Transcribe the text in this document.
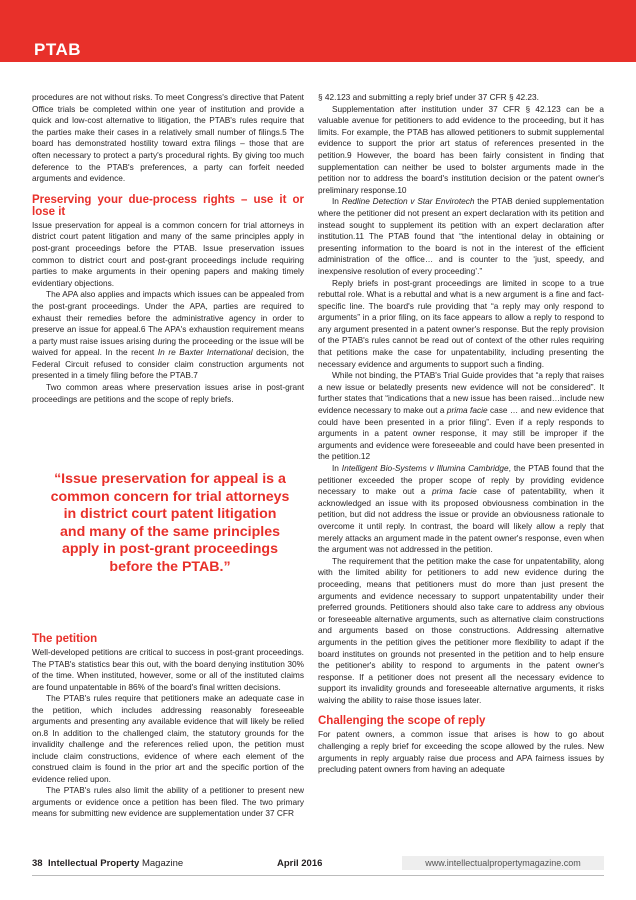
PTAB

procedures are not without risks. To meet Congress's directive that Patent Office trials be completed within one year of institution and provide a quick and low-cost alternative to litigation, the PTAB's rules require that the parties make their cases in a relatively small number of filings.5 The board has demonstrated hostility toward extra filings – those that are often necessary to protect a party's procedural rights. By giving too much deference to the PTAB's preferences, a party can forfeit needed arguments and evidence.

Preserving your due-process rights – use it or lose it

Issue preservation for appeal is a common concern for trial attorneys in district court patent litigation and many of the same principles apply in post-grant proceedings before the PTAB. Issue preservation issues common to district court and post-grant proceedings include requiring parties to make arguments in their opening papers and making timely evidentiary objections.

The APA also applies and impacts which issues can be appealed from the post-grant proceedings. Under the APA, parties are required to exhaust their remedies before the administrative agency in order to preserve an issue for appeal.6 The APA's exhaustion requirement means a party must raise issues arising during the proceeding or the issue will be waived for appeal. In the recent In re Baxter International decision, the Federal Circuit refused to consider claim construction arguments not presented in a timely filing before the PTAB.7

Two common areas where preservation issues arise in post-grant proceedings are petitions and the scope of reply briefs.

“Issue preservation for appeal is a common concern for trial attorneys in district court patent litigation and many of the same principles apply in post-grant proceedings before the PTAB.”
The petition

Well-developed petitions are critical to success in post-grant proceedings. The PTAB's statistics bear this out, with the board denying institution 30% of the time. When instituted, however, some or all of the instituted claims are found unpatentable in 86% of the board's final written decisions.

The PTAB's rules require that petitioners make an adequate case in the petition, which includes addressing reasonably foreseeable arguments and presenting any available evidence that will likely be relied on.8 In addition to the challenged claim, the statutory grounds for the invalidity challenge and the references relied upon, the petition must include claim constructions, evidence of where each element of the construed claim is found in the prior art and the specific portion of the evidence relied upon.

The PTAB's rules also limit the ability of a petitioner to present new arguments or evidence once a petition has been filed. The two primary means for submitting new evidence are supplementation under 37 CFR

§ 42.123 and submitting a reply brief under 37 CFR § 42.23.

Supplementation after institution under 37 CFR § 42.123 can be a valuable avenue for petitioners to add evidence to the proceeding, but it has limits. For example, the PTAB has allowed petitioners to submit supplemental evidence to support the prior art status of references presented in the petition.9 However, the board has been fairly consistent in finding that supplementation can neither be used to bolster arguments made in the petition nor to address the board's institution decision or the patent owner's preliminary response.10

In Redline Detection v Star Envirotech the PTAB denied supplementation where the petitioner did not present an expert declaration with its petition and instead sought to supplement its petition with an expert declaration after institution.11 The PTAB found that “the intentional delay in obtaining or presenting information to the board is not in the interest of the efficient administration of the office… and is counter to the ‘just, speedy, and inexpensive resolution of every proceeding’.”

Reply briefs in post-grant proceedings are limited in scope to a true rebuttal role. What is a rebuttal and what is a new argument is a fine and fact-specific line. The board's rule providing that “a reply may only respond to arguments” in a prior filing, on its face appears to allow a reply to respond to any argument presented in a patent owner's response. But the reply provision of the PTAB's rules cannot be read out of context of the other rules requiring that petitions make the case for unpatentability, including presenting the necessary evidence and arguments to support such a finding.

While not binding, the PTAB's Trial Guide provides that “a reply that raises a new issue or belatedly presents new evidence will not be considered”. It further states that “indications that a new issue has been raised…include new evidence necessary to make out a prima facie case … and new evidence that could have been presented in a prior filing”. Even if a reply responds to arguments in a patent owner response, it may still be improper if the arguments and evidence were foreseeable and could have been presented in the petition.12

In Intelligent Bio-Systems v Illumina Cambridge, the PTAB found that the petitioner exceeded the proper scope of reply by providing evidence necessary to make out a prima facie case of patentability, when it acknowledged an issue with its proposed obviousness combination in the petition, but did not address the issue or provide an obviousness rationale to overcome it until reply. In contrast, the board will likely allow a reply that merely attacks an argument made in the patent owner's response, even when the argument was not addressed in the petition.

The requirement that the petition make the case for unpatentability, along with the limited ability for petitioners to add new evidence during the proceeding, means that petitioners must do more than just present the arguments and evidence necessary to support unpatentability under their preferred grounds. Petitioners should also take care to address any obvious or foreseeable alternative arguments, such as alternative claim constructions and arguments based on those constructions. Addressing alternative arguments in the petition gives the petitioner more flexibility to adapt if the board institutes on grounds not presented in the petition and to help ensure the petitioner's ability to respond to arguments in the patent owner's response. If a petitioner does not present all the necessary evidence to support its invalidity grounds and foreseeable alternative arguments, it risks waiving the ability to raise those issues later.

Challenging the scope of reply

For patent owners, a common issue that arises is how to go about challenging a reply brief for exceeding the scope allowed by the rules. New arguments in reply arguably raise due process and APA fairness issues by precluding patent owners from having an adequate

38 Intellectual Property Magazine	April 2016	www.intellectualpropertymagazine.com
